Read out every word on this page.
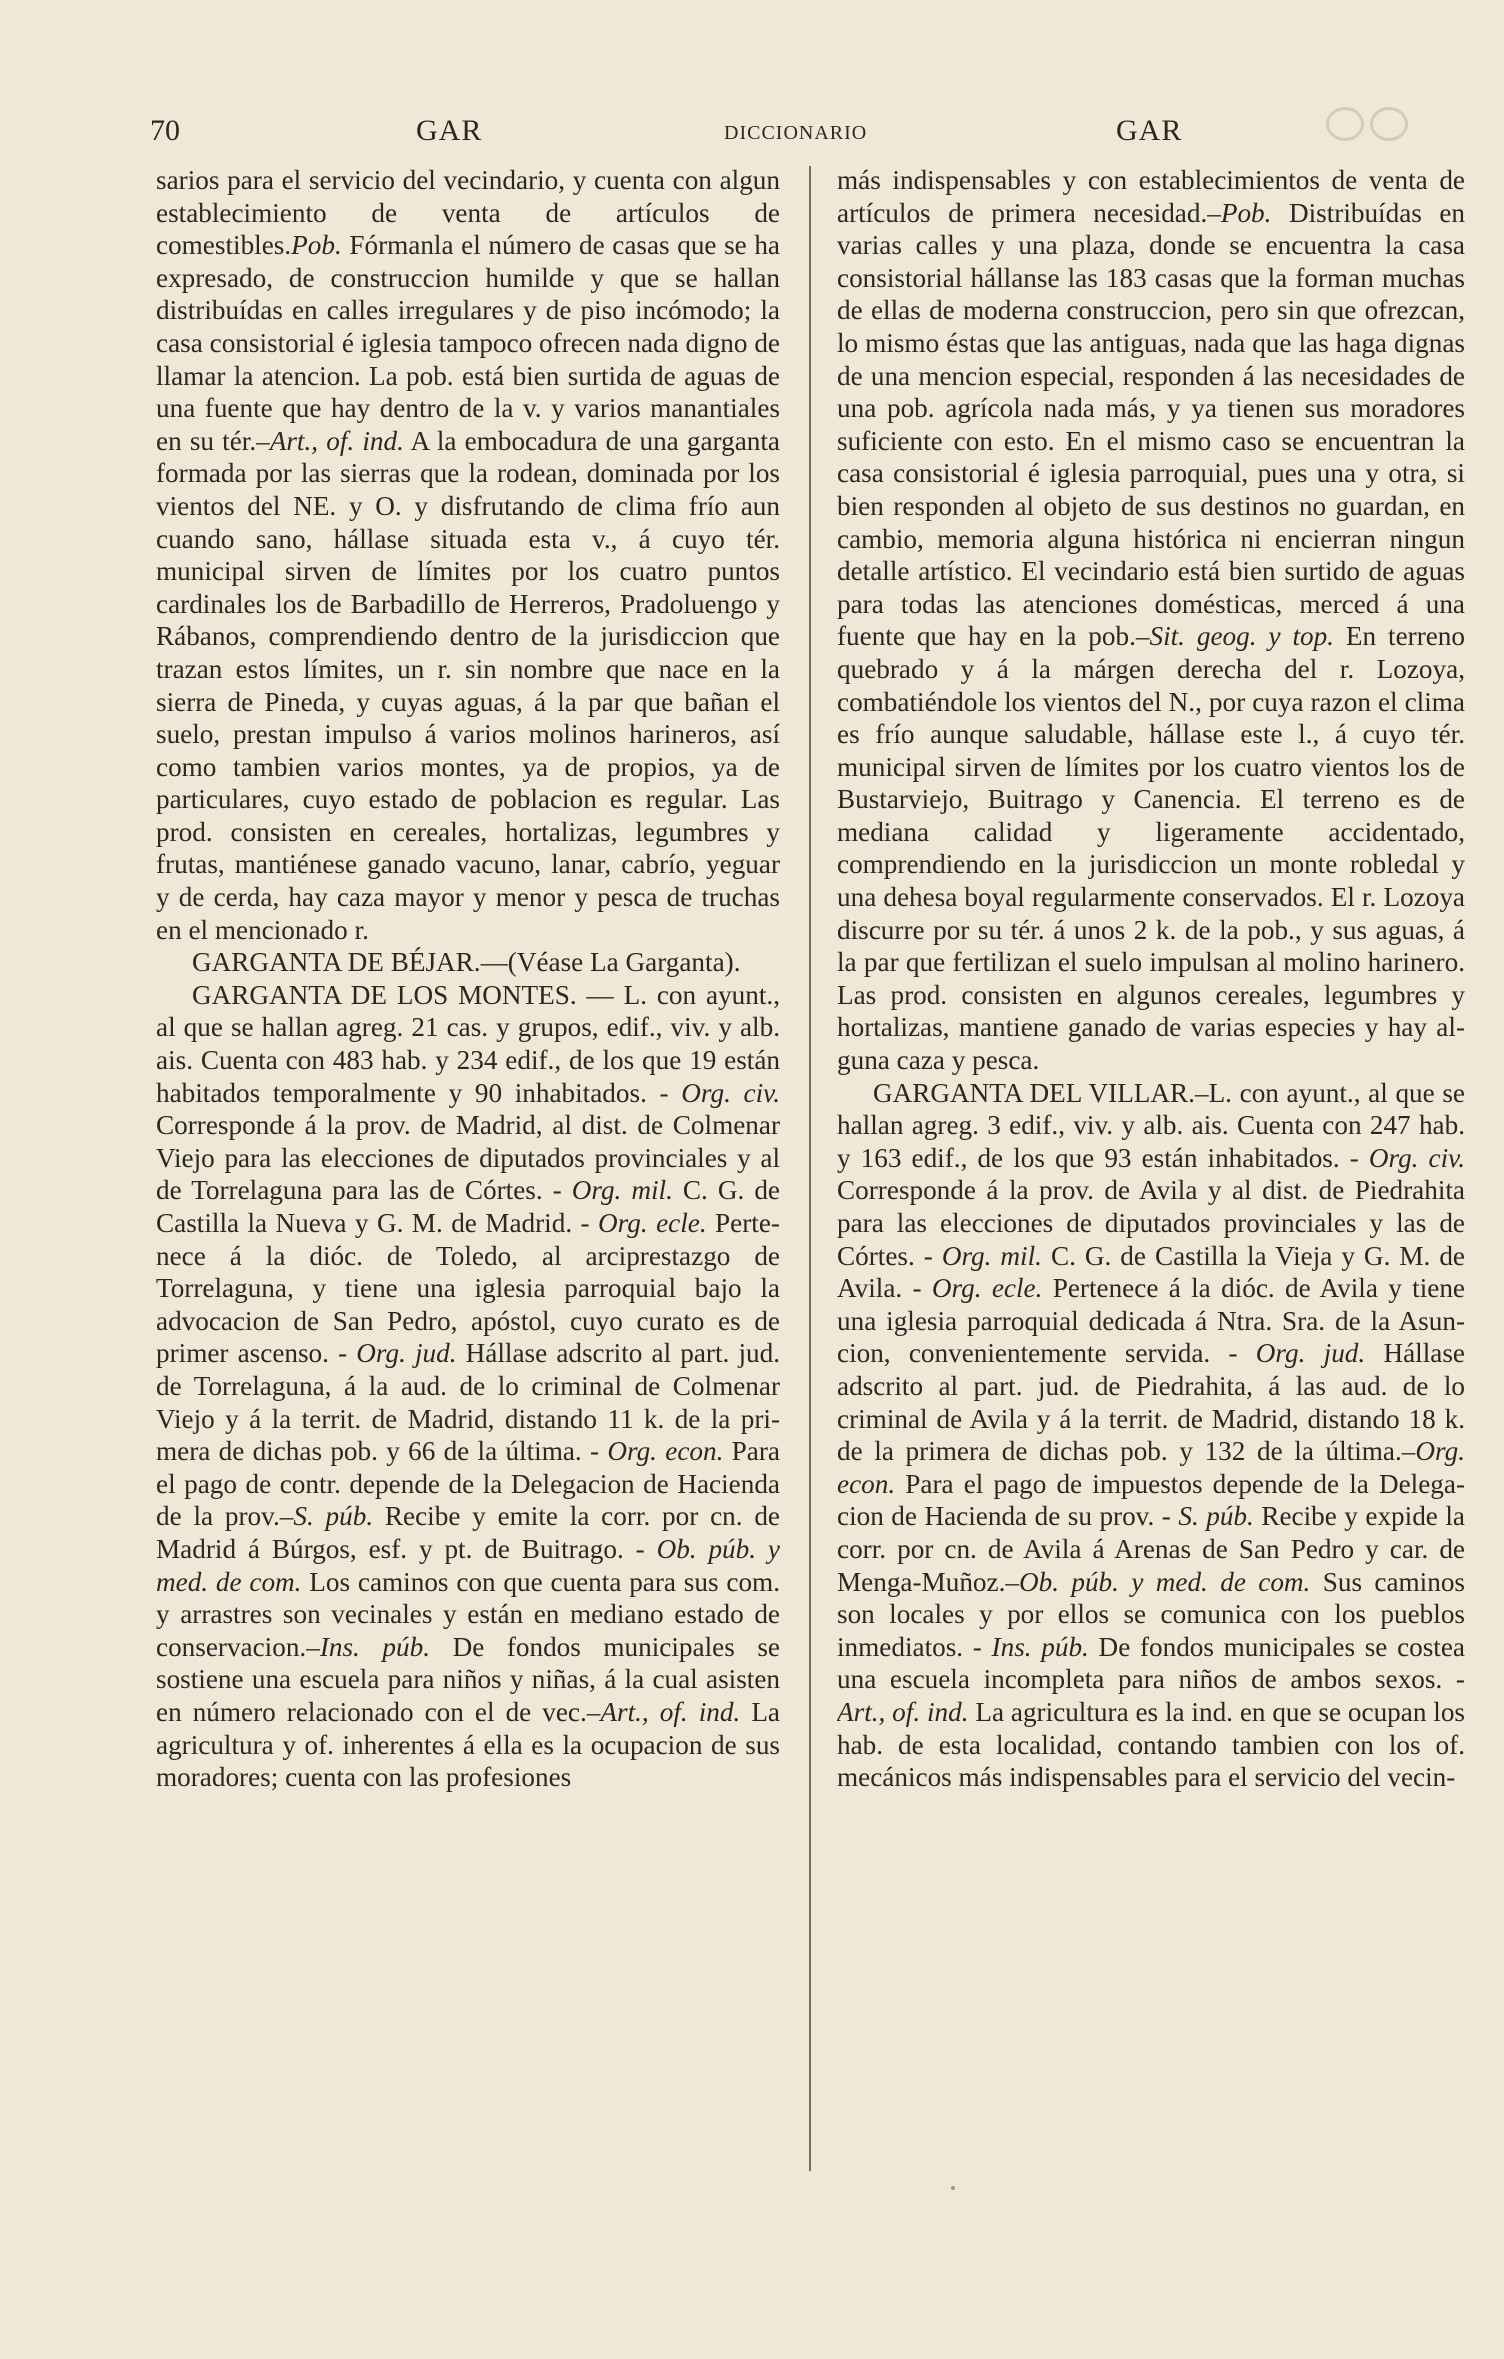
70	GAR	DICCIONARIO	GAR

sarios para el servicio del vecindario, y cuenta con algun establecimiento de venta de artículos de comestibles.Pob. Fórmanla el número de casas que se ha expresado, de construccion humilde y que se hallan distribuídas en calles irregulares y de piso incómodo; la casa consistorial é iglesia tampoco ofrecen nada digno de llamar la atencion. La pob. está bien surtida de aguas de una fuente que hay dentro de la v. y varios manantiales en su tér.–Art., of. ind. A la embocadura de una garganta formada por las sierras que la rodean, dominada por los vientos del NE. y O. y disfrutando de clima frío aun cuando sano, hállase situada esta v., á cuyo tér. municipal sirven de límites por los cuatro puntos cardinales los de Barbadillo de Herreros, Pradoluengo y Rábanos, comprendiendo dentro de la jurisdiccion que trazan estos límites, un r. sin nombre que nace en la sierra de Pineda, y cuyas aguas, á la par que bañan el suelo, prestan impulso á varios molinos harineros, así como tambien varios montes, ya de propios, ya de particulares, cuyo estado de poblacion es regular. Las prod. consisten en cereales, hortalizas, legumbres y frutas, mantiénese ganado vacuno, lanar, cabrío, yeguar y de cerda, hay caza mayor y menor y pesca de truchas en el mencionado r.

GARGANTA DE BÉJAR.—(Véase La Garganta).

GARGANTA DE LOS MONTES. — L. con ayunt., al que se hallan agreg. 21 cas. y grupos, edif., viv. y alb. ais. Cuenta con 483 hab. y 234 edif., de los que 19 están habitados temporalmente y 90 inhabitados. - Org. civ. Corresponde á la prov. de Madrid, al dist. de Colmenar Viejo para las elecciones de diputados provinciales y al de Torrelaguna para las de Córtes. - Org. mil. C. G. de Castilla la Nueva y G. M. de Madrid. - Org. ecle. Pertenece á la dióc. de Toledo, al arciprestazgo de Torrelaguna, y tiene una iglesia parroquial bajo la advocacion de San Pedro, apóstol, cuyo curato es de primer ascenso. - Org. jud. Hállase adscrito al part. jud. de Torrelaguna, á la aud. de lo criminal de Colmenar Viejo y á la territ. de Madrid, distando 11 k. de la primera de dichas pob. y 66 de la última. - Org. econ. Para el pago de contr. depende de la Delegacion de Hacienda de la prov.–S. púb. Recibe y emite la corr. por cn. de Madrid á Búrgos, esf. y pt. de Buitrago. - Ob. púb. y med. de com. Los caminos con que cuenta para sus com. y arrastres son vecinales y están en mediano estado de conservacion.–Ins. púb. De fondos municipales se sostiene una escuela para niños y niñas, á la cual asisten en número relacionado con el de vec.–Art., of. ind. La agricultura y of. inherentes á ella es la ocupacion de sus moradores; cuenta con las profesiones

más indispensables y con establecimientos de venta de artículos de primera necesidad.–Pob. Distribuídas en varias calles y una plaza, donde se encuentra la casa consistorial hállanse las 183 casas que la forman muchas de ellas de moderna construccion, pero sin que ofrezcan, lo mismo éstas que las antiguas, nada que las haga dignas de una mencion especial, responden á las necesidades de una pob. agrícola nada más, y ya tienen sus moradores suficiente con esto. En el mismo caso se encuentran la casa consistorial é iglesia parroquial, pues una y otra, si bien responden al objeto de sus destinos no guardan, en cambio, memoria alguna histórica ni encierran ningun detalle artístico. El vecindario está bien surtido de aguas para todas las atenciones domésticas, merced á una fuente que hay en la pob.–Sit. geog. y top. En terreno quebrado y á la márgen derecha del r. Lozoya, combatiéndole los vientos del N., por cuya razon el clima es frío aunque saludable, hállase este l., á cuyo tér. municipal sirven de límites por los cuatro vientos los de Bustarviejo, Buitrago y Canencia. El terreno es de mediana calidad y ligeramente accidentado, comprendiendo en la jurisdiccion un monte robledal y una dehesa boyal regularmente conservados. El r. Lozoya discurre por su tér. á unos 2 k. de la pob., y sus aguas, á la par que fertilizan el suelo impulsan al molino harinero. Las prod. consisten en algunos cereales, legumbres y hortalizas, mantiene ganado de varias especies y hay alguna caza y pesca.

GARGANTA DEL VILLAR.–L. con ayunt., al que se hallan agreg. 3 edif., viv. y alb. ais. Cuenta con 247 hab. y 163 edif., de los que 93 están inhabitados. - Org. civ. Corresponde á la prov. de Avila y al dist. de Piedrahita para las elecciones de diputados provinciales y las de Córtes. - Org. mil. C. G. de Castilla la Vieja y G. M. de Avila. - Org. ecle. Pertenece á la dióc. de Avila y tiene una iglesia parroquial dedicada á Ntra. Sra. de la Asuncion, convenientemente servida. - Org. jud. Hállase adscrito al part. jud. de Piedrahita, á las aud. de lo criminal de Avila y á la territ. de Madrid, distando 18 k. de la primera de dichas pob. y 132 de la última.–Org. econ. Para el pago de impuestos depende de la Delegacion de Hacienda de su prov. - S. púb. Recibe y expide la corr. por cn. de Avila á Arenas de San Pedro y car. de Menga-Muñoz.–Ob. púb. y med. de com. Sus caminos son locales y por ellos se comunica con los pueblos inmediatos. - Ins. púb. De fondos municipales se costea una escuela incompleta para niños de ambos sexos. - Art., of. ind. La agricultura es la ind. en que se ocupan los hab. de esta localidad, contando tambien con los of. mecánicos más indispensables para el servicio del vecin-
